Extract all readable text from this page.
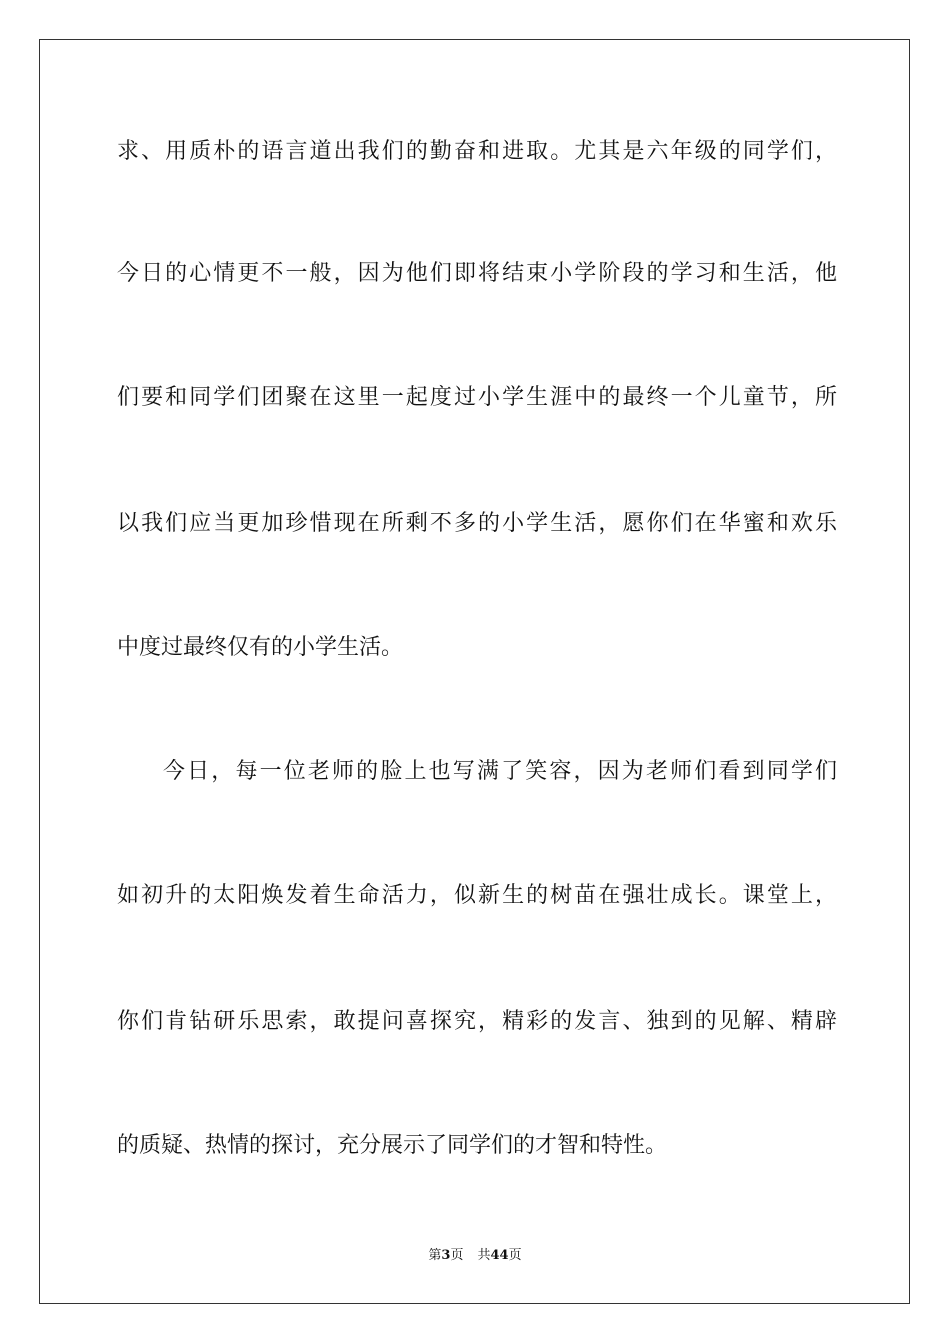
求、用质朴的语言道出我们的勤奋和进取。尤其是六年级的同学们，
今日的心情更不一般，因为他们即将结束小学阶段的学习和生活，他
们要和同学们团聚在这里一起度过小学生涯中的最终一个儿童节，所
以我们应当更加珍惜现在所剩不多的小学生活，愿你们在华蜜和欢乐
中度过最终仅有的小学生活。
今日，每一位老师的脸上也写满了笑容，因为老师们看到同学们
如初升的太阳焕发着生命活力，似新生的树苗在强壮成长。课堂上，
你们肯钻研乐思索，敢提问喜探究，精彩的发言、独到的见解、精辟
的质疑、热情的探讨，充分展示了同学们的才智和特性。
第3页 共44页
